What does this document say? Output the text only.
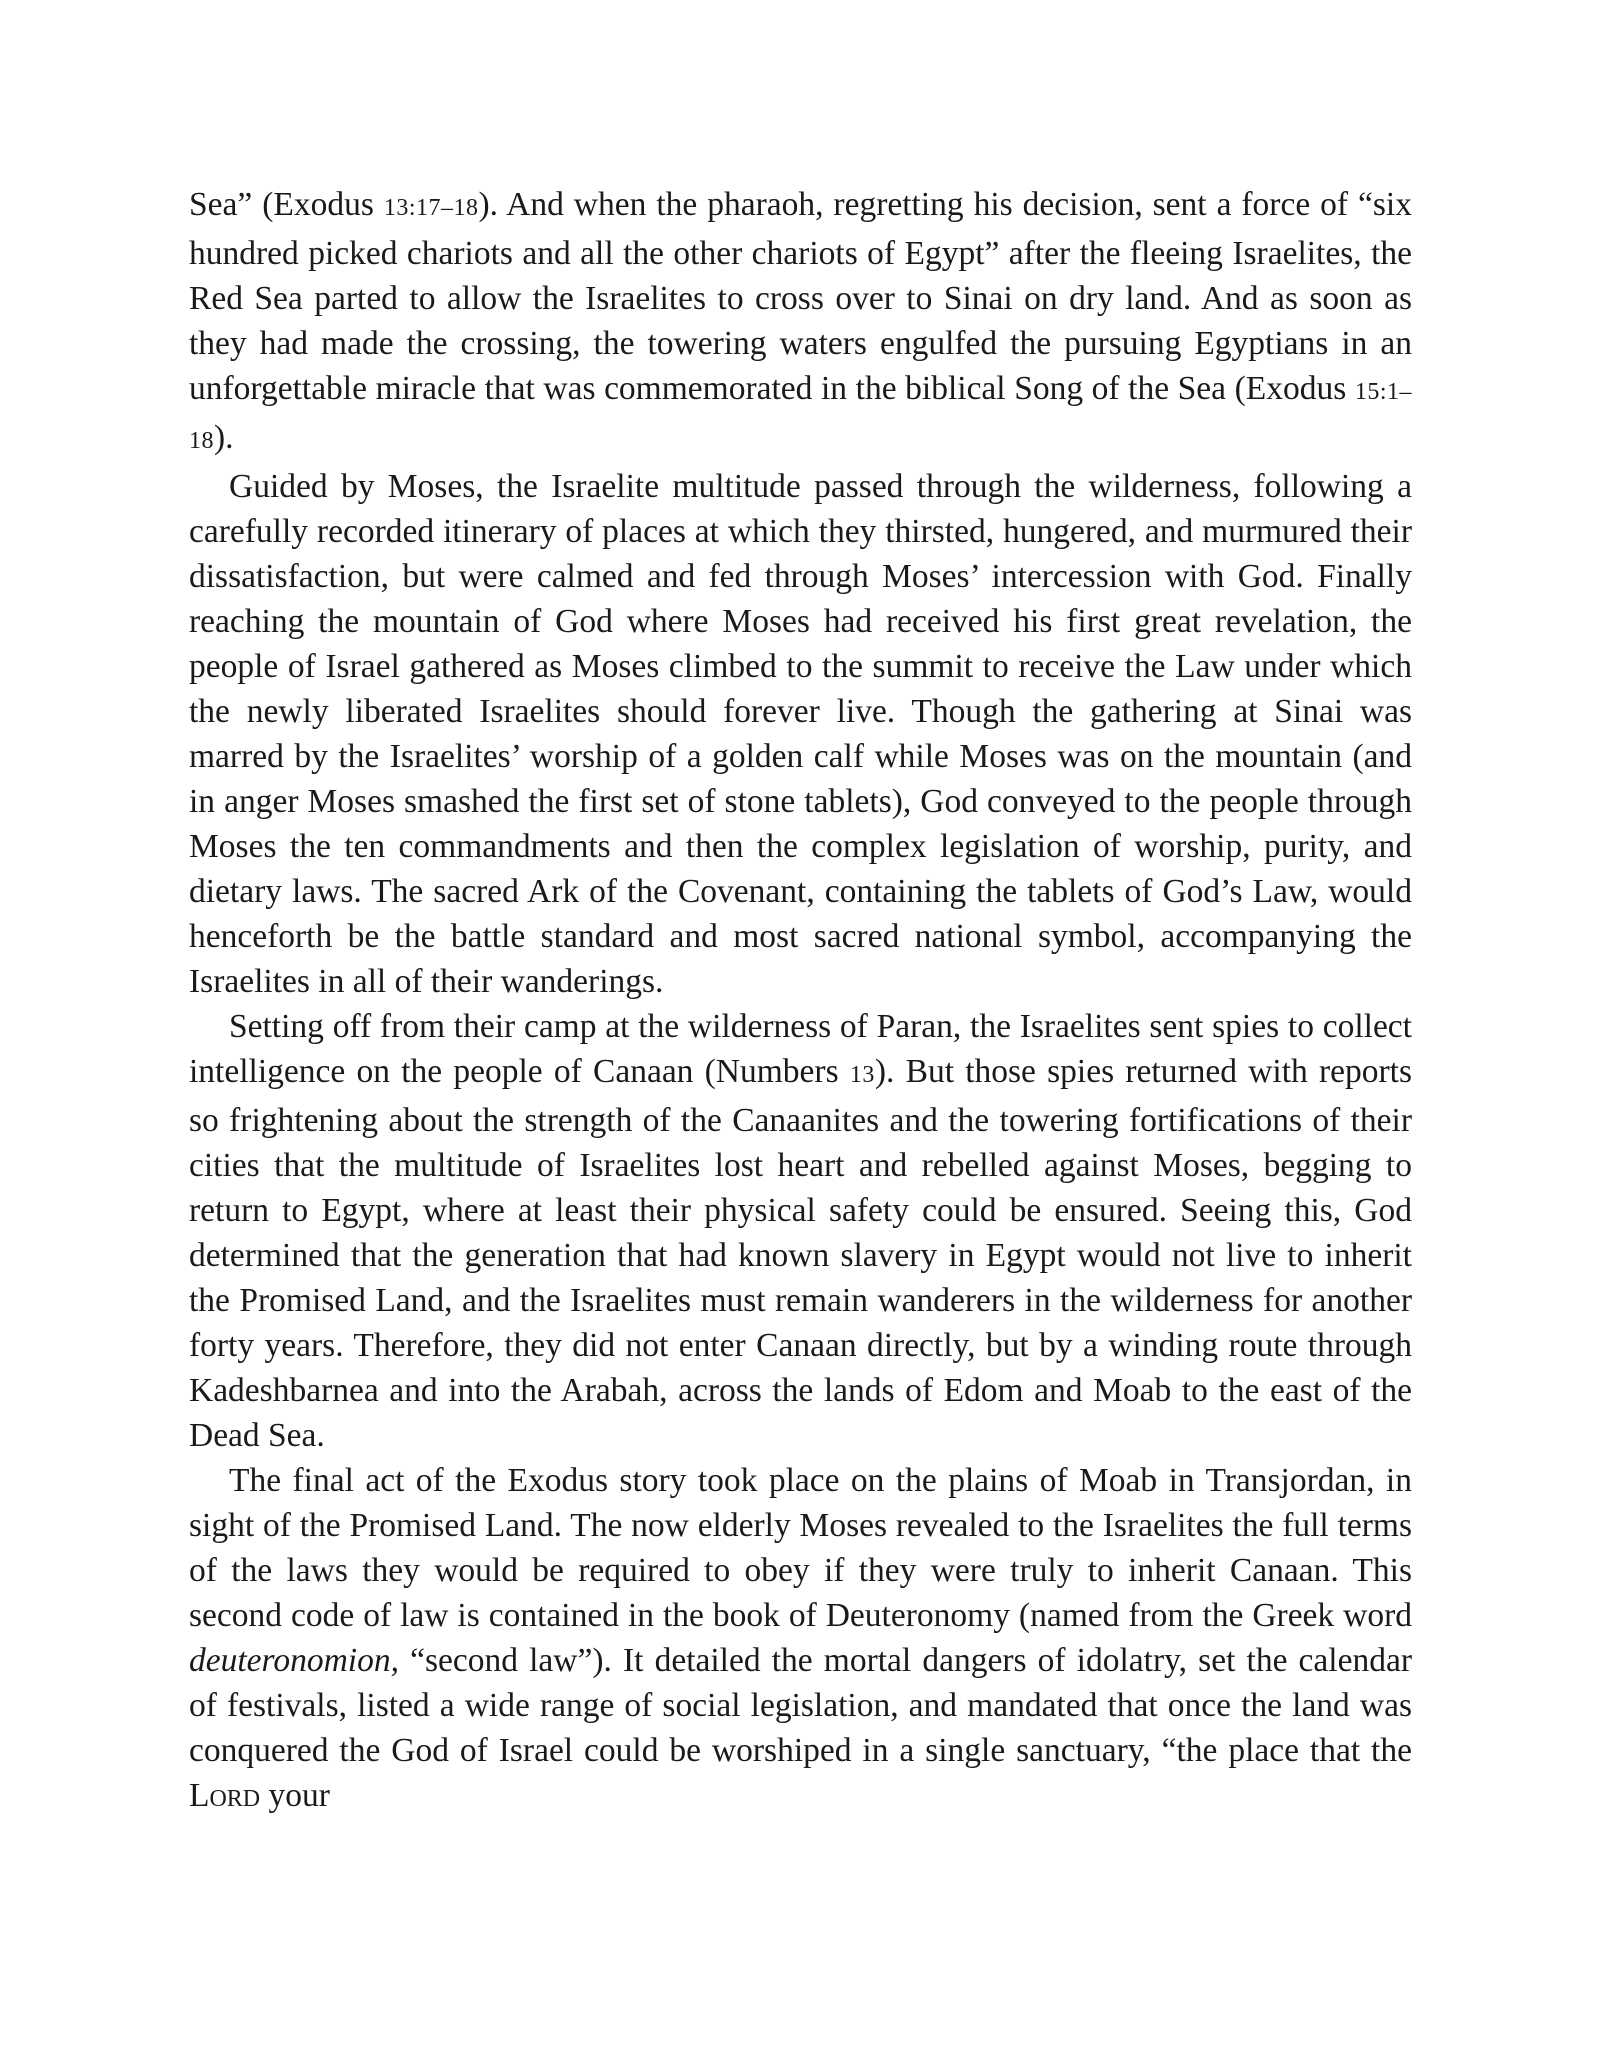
Sea” (Exodus 13:17–18). And when the pharaoh, regretting his decision, sent a force of “six hundred picked chariots and all the other chariots of Egypt” after the fleeing Israelites, the Red Sea parted to allow the Israelites to cross over to Sinai on dry land. And as soon as they had made the crossing, the towering waters engulfed the pursuing Egyptians in an unforgettable miracle that was commemorated in the biblical Song of the Sea (Exodus 15:1–18).

Guided by Moses, the Israelite multitude passed through the wilderness, following a carefully recorded itinerary of places at which they thirsted, hungered, and murmured their dissatisfaction, but were calmed and fed through Moses’ intercession with God. Finally reaching the mountain of God where Moses had received his first great revelation, the people of Israel gathered as Moses climbed to the summit to receive the Law under which the newly liberated Israelites should forever live. Though the gathering at Sinai was marred by the Israelites’ worship of a golden calf while Moses was on the mountain (and in anger Moses smashed the first set of stone tablets), God conveyed to the people through Moses the ten commandments and then the complex legislation of worship, purity, and dietary laws. The sacred Ark of the Covenant, containing the tablets of God’s Law, would henceforth be the battle standard and most sacred national symbol, accompanying the Israelites in all of their wanderings.

Setting off from their camp at the wilderness of Paran, the Israelites sent spies to collect intelligence on the people of Canaan (Numbers 13). But those spies returned with reports so frightening about the strength of the Canaanites and the towering fortifications of their cities that the multitude of Israelites lost heart and rebelled against Moses, begging to return to Egypt, where at least their physical safety could be ensured. Seeing this, God determined that the generation that had known slavery in Egypt would not live to inherit the Promised Land, and the Israelites must remain wanderers in the wilderness for another forty years. Therefore, they did not enter Canaan directly, but by a winding route through Kadeshbarnea and into the Arabah, across the lands of Edom and Moab to the east of the Dead Sea.

The final act of the Exodus story took place on the plains of Moab in Transjordan, in sight of the Promised Land. The now elderly Moses revealed to the Israelites the full terms of the laws they would be required to obey if they were truly to inherit Canaan. This second code of law is contained in the book of Deuteronomy (named from the Greek word deuteronomion, “second law”). It detailed the mortal dangers of idolatry, set the calendar of festivals, listed a wide range of social legislation, and mandated that once the land was conquered the God of Israel could be worshiped in a single sanctuary, “the place that the LORD your
